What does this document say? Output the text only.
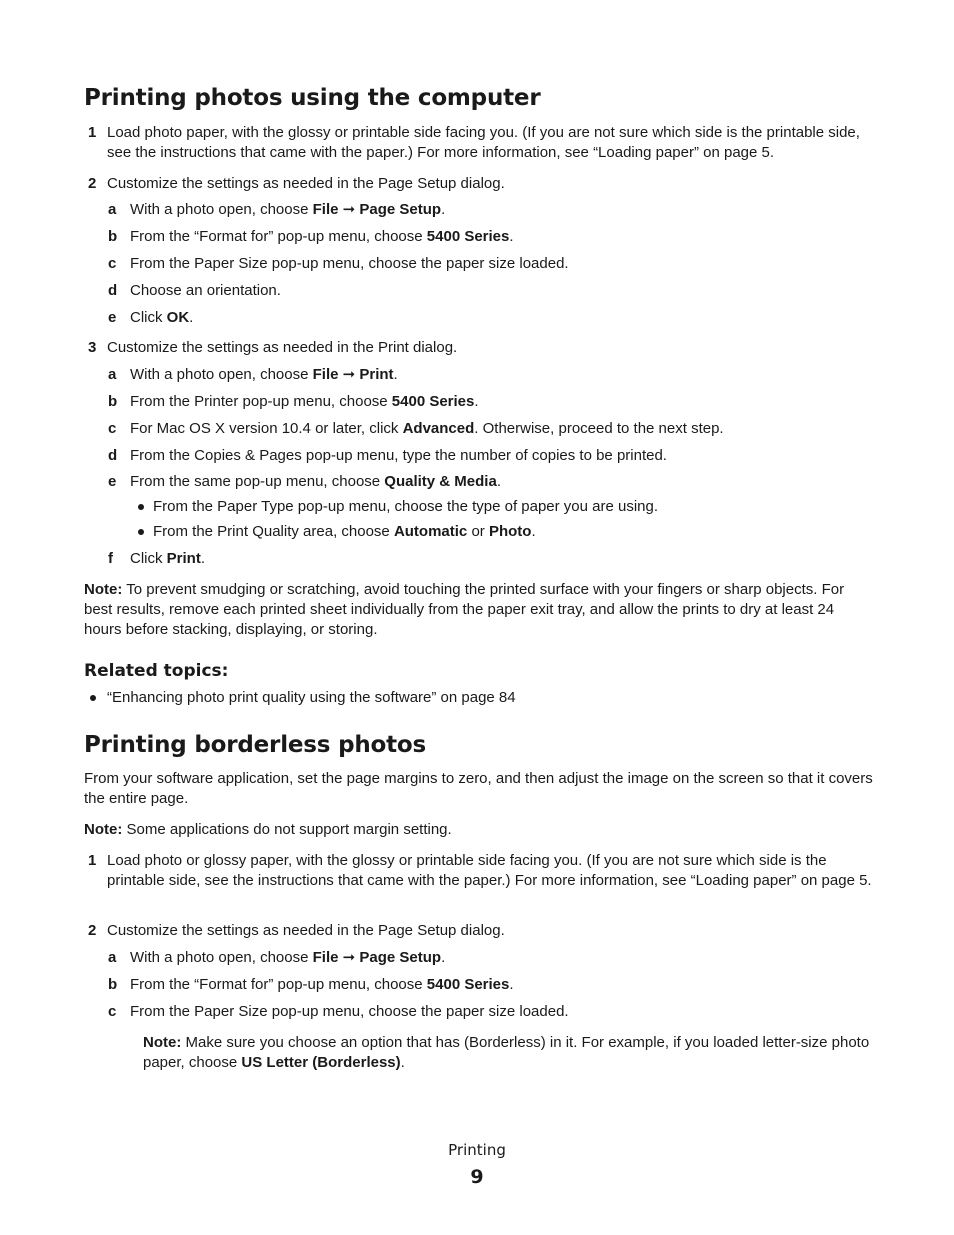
Printing photos using the computer
1 Load photo paper, with the glossy or printable side facing you. (If you are not sure which side is the printable side, see the instructions that came with the paper.) For more information, see “Loading paper” on page 5.
2 Customize the settings as needed in the Page Setup dialog.
a With a photo open, choose File ➞ Page Setup.
b From the “Format for” pop-up menu, choose 5400 Series.
c From the Paper Size pop-up menu, choose the paper size loaded.
d Choose an orientation.
e Click OK.
3 Customize the settings as needed in the Print dialog.
a With a photo open, choose File ➞ Print.
b From the Printer pop-up menu, choose 5400 Series.
c For Mac OS X version 10.4 or later, click Advanced. Otherwise, proceed to the next step.
d From the Copies & Pages pop-up menu, type the number of copies to be printed.
e From the same pop-up menu, choose Quality & Media.
From the Paper Type pop-up menu, choose the type of paper you are using.
From the Print Quality area, choose Automatic or Photo.
f	Click Print.
Note: To prevent smudging or scratching, avoid touching the printed surface with your fingers or sharp objects. For best results, remove each printed sheet individually from the paper exit tray, and allow the prints to dry at least 24 hours before stacking, displaying, or storing.
Related topics:
“Enhancing photo print quality using the software” on page 84
Printing borderless photos
From your software application, set the page margins to zero, and then adjust the image on the screen so that it covers the entire page.
Note: Some applications do not support margin setting.
1 Load photo or glossy paper, with the glossy or printable side facing you. (If you are not sure which side is the printable side, see the instructions that came with the paper.) For more information, see “Loading paper” on page 5.
2 Customize the settings as needed in the Page Setup dialog.
a With a photo open, choose File ➞ Page Setup.
b From the “Format for” pop-up menu, choose 5400 Series.
c From the Paper Size pop-up menu, choose the paper size loaded.
Note: Make sure you choose an option that has (Borderless) in it. For example, if you loaded letter-size photo paper, choose US Letter (Borderless).
Printing
9
